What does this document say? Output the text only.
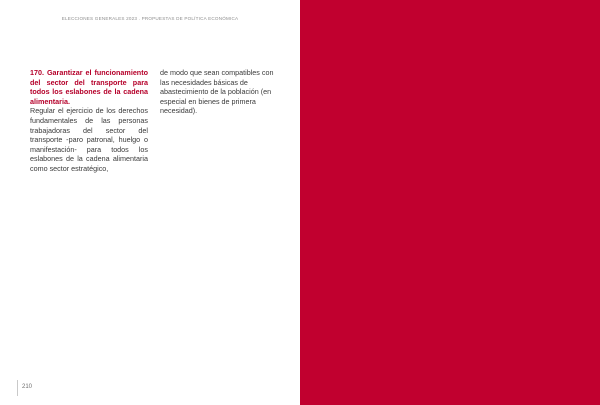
ELECCIONES GENERALES 2023 . PROPUESTAS DE POLÍTICA ECONÓMICA
170. Garantizar el funcionamiento del sector del transporte para todos los eslabones de la cadena alimentaria.
Regular el ejercicio de los derechos fundamentales de las personas trabajadoras del sector del transporte -paro patronal, huelgo o manifestación- para todos los eslabones de la cadena alimentaria como sector estratégico,
de modo que sean compatibles con las necesidades básicas de abastecimiento de la población (en especial en bienes de primera necesidad).
210
